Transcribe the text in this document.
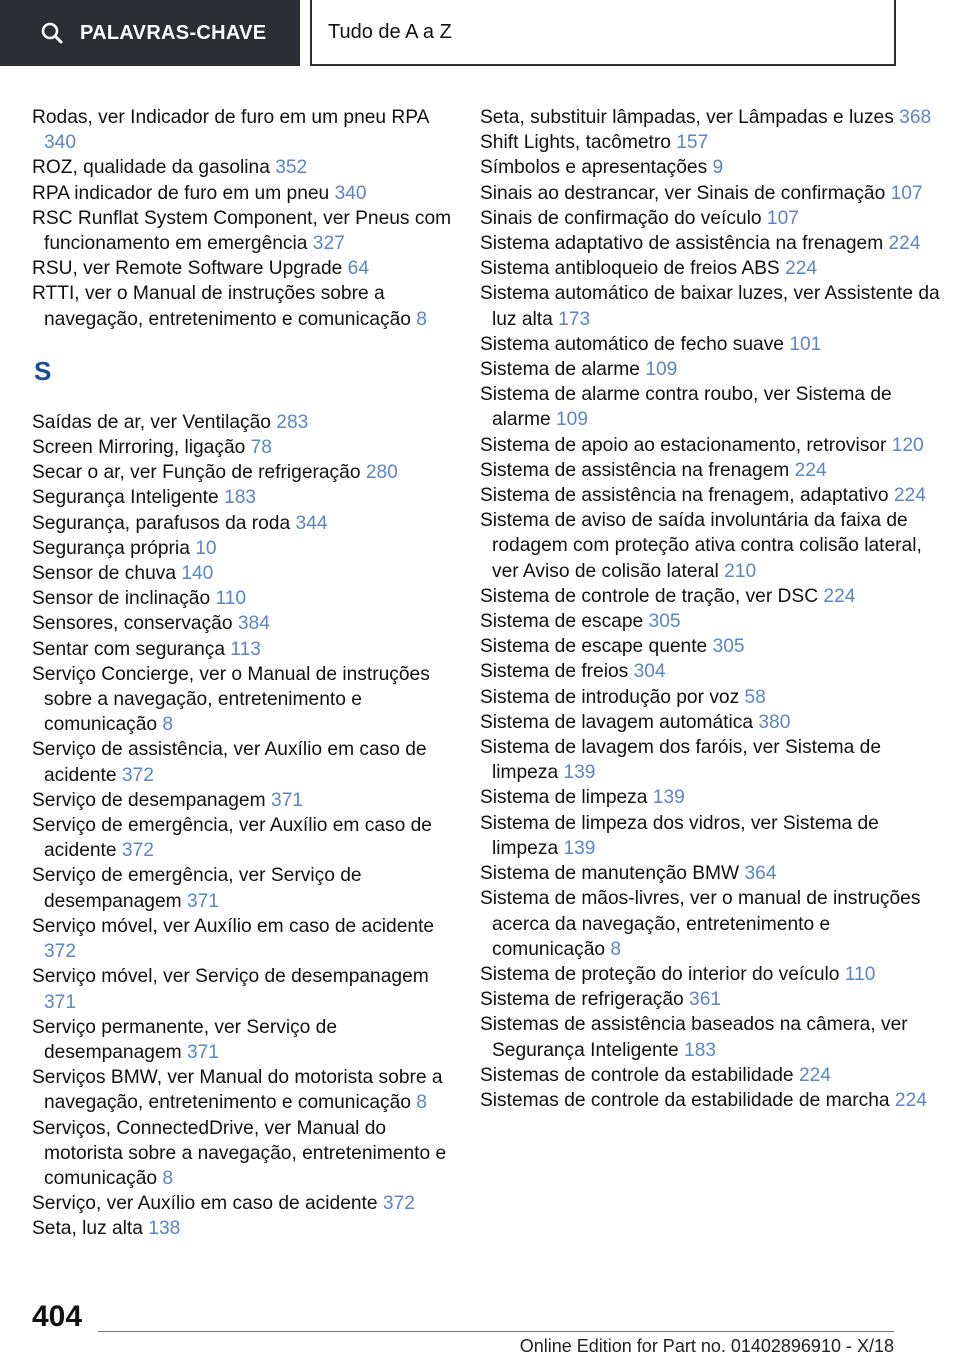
PALAVRAS-CHAVE	Tudo de A a Z
Rodas, ver Indicador de furo em um pneu RPA 340
ROZ, qualidade da gasolina 352
RPA indicador de furo em um pneu 340
RSC Runflat System Component, ver Pneus com funcionamento em emergência 327
RSU, ver Remote Software Upgrade 64
RTTI, ver o Manual de instruções sobre a navegação, entretenimento e comunicação 8
S
Saídas de ar, ver Ventilação 283
Screen Mirroring, ligação 78
Secar o ar, ver Função de refrigeração 280
Segurança Inteligente 183
Segurança, parafusos da roda 344
Segurança própria 10
Sensor de chuva 140
Sensor de inclinação 110
Sensores, conservação 384
Sentar com segurança 113
Serviço Concierge, ver o Manual de instruções sobre a navegação, entretenimento e comunicação 8
Serviço de assistência, ver Auxílio em caso de acidente 372
Serviço de desempanagem 371
Serviço de emergência, ver Auxílio em caso de acidente 372
Serviço de emergência, ver Serviço de desempanagem 371
Serviço móvel, ver Auxílio em caso de acidente 372
Serviço móvel, ver Serviço de desempanagem 371
Serviço permanente, ver Serviço de desempanagem 371
Serviços BMW, ver Manual do motorista sobre a navegação, entretenimento e comunicação 8
Serviços, ConnectedDrive, ver Manual do motorista sobre a navegação, entretenimento e comunicação 8
Serviço, ver Auxílio em caso de acidente 372
Seta, luz alta 138
Seta, substituir lâmpadas, ver Lâmpadas e luzes 368
Shift Lights, tacômetro 157
Símbolos e apresentações 9
Sinais ao destrancar, ver Sinais de confirmação 107
Sinais de confirmação do veículo 107
Sistema adaptativo de assistência na frenagem 224
Sistema antibloqueio de freios ABS 224
Sistema automático de baixar luzes, ver Assistente da luz alta 173
Sistema automático de fecho suave 101
Sistema de alarme 109
Sistema de alarme contra roubo, ver Sistema de alarme 109
Sistema de apoio ao estacionamento, retrovisor 120
Sistema de assistência na frenagem 224
Sistema de assistência na frenagem, adaptativo 224
Sistema de aviso de saída involuntária da faixa de rodagem com proteção ativa contra colisão lateral, ver Aviso de colisão lateral 210
Sistema de controle de tração, ver DSC 224
Sistema de escape 305
Sistema de escape quente 305
Sistema de freios 304
Sistema de introdução por voz 58
Sistema de lavagem automática 380
Sistema de lavagem dos faróis, ver Sistema de limpeza 139
Sistema de limpeza 139
Sistema de limpeza dos vidros, ver Sistema de limpeza 139
Sistema de manutenção BMW 364
Sistema de mãos-livres, ver o manual de instruções acerca da navegação, entretenimento e comunicação 8
Sistema de proteção do interior do veículo 110
Sistema de refrigeração 361
Sistemas de assistência baseados na câmera, ver Segurança Inteligente 183
Sistemas de controle da estabilidade 224
Sistemas de controle da estabilidade de marcha 224
404
Online Edition for Part no. 01402896910 - X/18
